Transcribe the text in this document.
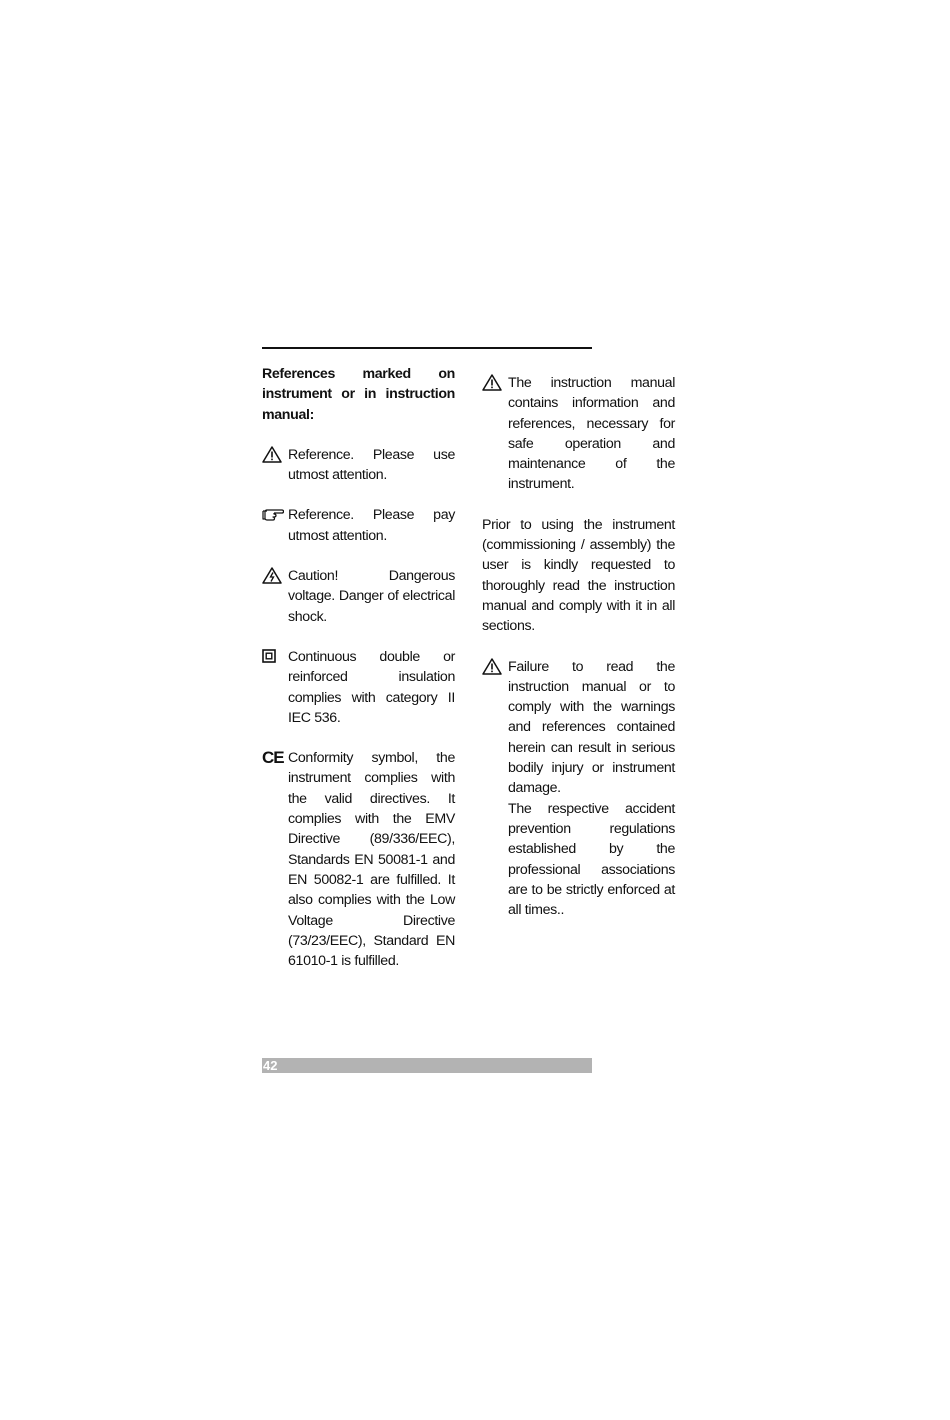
References marked on instrument or in instruction manual:

Reference. Please use utmost attention.
Reference. Please pay utmost attention.
Caution! Dangerous voltage. Danger of electrical shock.
Continuous double or reinforced insulation complies with category II IEC 536.
CE Conformity symbol, the instrument complies with the valid directives. It complies with the EMV Directive (89/336/EEC), Standards EN 50081-1 and EN 50082-1 are fulfilled. It also complies with the Low Voltage Directive (73/23/EEC), Standard EN 61010-1 is fulfilled.
The instruction manual contains information and references, necessary for safe operation and maintenance of the instrument.

Prior to using the instrument (commissioning / assembly) the user is kindly requested to thoroughly read the instruction manual and comply with it in all sections.

Failure to read the instruction manual or to comply with the warnings and references contained herein can result in serious bodily injury or instrument damage.
The respective accident prevention regulations established by the professional associations are to be strictly enforced at all times..
42
